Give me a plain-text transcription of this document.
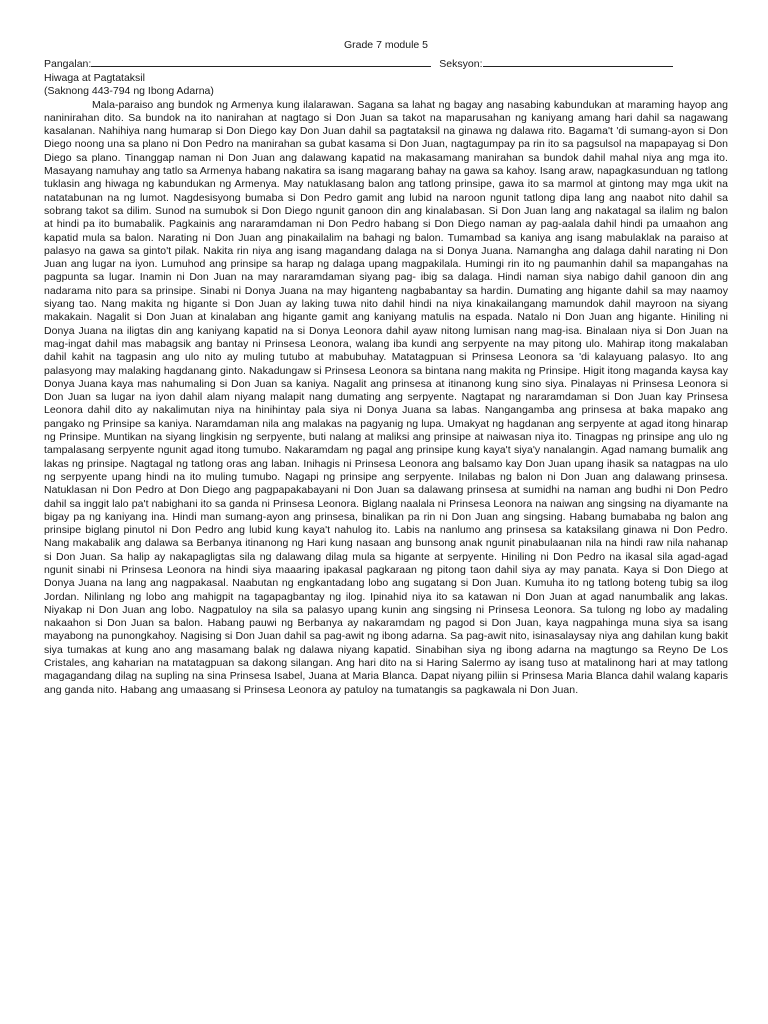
Grade 7 module 5
Pangalan:	Seksyon:
Hiwaga at Pagtataksil
(Saknong 443-794 ng Ibong Adarna)

Mala-paraiso ang bundok ng Armenya kung ilalarawan. Sagana sa lahat ng bagay ang nasabing kabundukan at maraming hayop ang naninirahan dito. Sa bundok na ito nanirahan at nagtago si Don Juan sa takot na maparusahan ng kaniyang amang hari dahil sa nagawang kasalanan. Nahihiya nang humarap si Don Diego kay Don Juan dahil sa pagtataksil na ginawa ng dalawa rito. Bagama't 'di sumang-ayon si Don Diego noong una sa plano ni Don Pedro na manirahan sa gubat kasama si Don Juan, nagtagumpay pa rin ito sa pagsulsol na mapapayag si Don Diego sa plano. Tinanggap naman ni Don Juan ang dalawang kapatid na makasamang manirahan sa bundok dahil mahal niya ang mga ito. Masayang namuhay ang tatlo sa Armenya habang nakatira sa isang magarang bahay na gawa sa kahoy. Isang araw, napagkasunduan ng tatlong tuklasin ang hiwaga ng kabundukan ng Armenya. May natuklasang balon ang tatlong prinsipe, gawa ito sa marmol at gintong may mga ukit na natatabunan na ng lumot. Nagdesisyong bumaba si Don Pedro gamit ang lubid na naroon ngunit tatlong dipa lang ang naabot nito dahil sa sobrang takot sa dilim. Sunod na sumubok si Don Diego ngunit ganoon din ang kinalabasan. Si Don Juan lang ang nakatagal sa ilalim ng balon at hindi pa ito bumabalik. Pagkainis ang nararamdaman ni Don Pedro habang si Don Diego naman ay pag-aalala dahil hindi pa umaahon ang kapatid mula sa balon. Narating ni Don Juan ang pinakailalim na bahagi ng balon. Tumambad sa kaniya ang isang mabulaklak na paraiso at palasyo na gawa sa ginto't pilak. Nakita rin niya ang isang magandang dalaga na si Donya Juana. Namangha ang dalaga dahil narating ni Don Juan ang lugar na iyon. Lumuhod ang prinsipe sa harap ng dalaga upang magpakilala. Humingi rin ito ng paumanhin dahil sa mapangahas na pagpunta sa lugar. Inamin ni Don Juan na may nararamdaman siyang pag- ibig sa dalaga. Hindi naman siya nabigo dahil ganoon din ang nadarama nito para sa prinsipe. Sinabi ni Donya Juana na may higanteng nagbabantay sa hardin. Dumating ang higante dahil sa may naamoy siyang tao. Nang makita ng higante si Don Juan ay laking tuwa nito dahil hindi na niya kinakailangang mamundok dahil mayroon na siyang makakain. Nagalit si Don Juan at kinalaban ang higante gamit ang kaniyang matulis na espada. Natalo ni Don Juan ang higante. Hiniling ni Donya Juana na iligtas din ang kaniyang kapatid na si Donya Leonora dahil ayaw nitong lumisan nang mag-isa. Binalaan niya si Don Juan na mag-ingat dahil mas mabagsik ang bantay ni Prinsesa Leonora, walang iba kundi ang serpyente na may pitong ulo. Mahirap itong makalaban dahil kahit na tagpasin ang ulo nito ay muling tutubo at mabubuhay. Matatagpuan si Prinsesa Leonora sa 'di kalayuang palasyo. Ito ang palasyong may malaking hagdanang ginto. Nakadungaw si Prinsesa Leonora sa bintana nang makita ng Prinsipe. Higit itong maganda kaysa kay Donya Juana kaya mas nahumaling si Don Juan sa kaniya. Nagalit ang prinsesa at itinanong kung sino siya. Pinalayas ni Prinsesa Leonora si Don Juan sa lugar na iyon dahil alam niyang malapit nang dumating ang serpyente. Nagtapat ng nararamdaman si Don Juan kay Prinsesa Leonora dahil dito ay nakalimutan niya na hinihintay pala siya ni Donya Juana sa labas. Nangangamba ang prinsesa at baka mapako ang pangako ng Prinsipe sa kaniya. Naramdaman nila ang malakas na pagyanig ng lupa. Umakyat ng hagdanan ang serpyente at agad itong hinarap ng Prinsipe. Muntikan na siyang lingkisin ng serpyente, buti nalang at maliksi ang prinsipe at naiwasan niya ito. Tinagpas ng prinsipe ang ulo ng tampalasang serpyente ngunit agad itong tumubo. Nakaramdam ng pagal ang prinsipe kung kaya't siya'y nanalangin. Agad namang bumalik ang lakas ng prinsipe. Nagtagal ng tatlong oras ang laban. Inihagis ni Prinsesa Leonora ang balsamo kay Don Juan upang ihasik sa natagpas na ulo ng serpyente upang hindi na ito muling tumubo. Nagapi ng prinsipe ang serpyente. Inilabas ng balon ni Don Juan ang dalawang prinsesa. Natuklasan ni Don Pedro at Don Diego ang pagpapakabayani ni Don Juan sa dalawang prinsesa at sumidhi na naman ang budhi ni Don Pedro dahil sa inggit lalo pa't nabighani ito sa ganda ni Prinsesa Leonora. Biglang naalala ni Prinsesa Leonora na naiwan ang singsing na diyamante na bigay pa ng kaniyang ina. Hindi man sumang-ayon ang prinsesa, binalikan pa rin ni Don Juan ang singsing. Habang bumababa ng balon ang prinsipe biglang pinutol ni Don Pedro ang lubid kung kaya't nahulog ito. Labis na nanlumo ang prinsesa sa kataksilang ginawa ni Don Pedro. Nang makabalik ang dalawa sa Berbanya itinanong ng Hari kung nasaan ang bunsong anak ngunit pinabulaanan nila na hindi raw nila nahanap si Don Juan. Sa halip ay nakapagligtas sila ng dalawang dilag mula sa higante at serpyente. Hiniling ni Don Pedro na ikasal sila agad-agad ngunit sinabi ni Prinsesa Leonora na hindi siya maaaring ipakasal pagkaraan ng pitong taon dahil siya ay may panata. Kaya si Don Diego at Donya Juana na lang ang nagpakasal. Naabutan ng engkantadang lobo ang sugatang si Don Juan. Kumuha ito ng tatlong boteng tubig sa ilog Jordan. Nilinlang ng lobo ang mahigpit na tagapagbantay ng ilog. Ipinahid niya ito sa katawan ni Don Juan at agad nanumbalik ang lakas. Niyakap ni Don Juan ang lobo. Nagpatuloy na sila sa palasyo upang kunin ang singsing ni Prinsesa Leonora. Sa tulong ng lobo ay madaling nakaahon si Don Juan sa balon. Habang pauwi ng Berbanya ay nakaramdam ng pagod si Don Juan, kaya nagpahinga muna siya sa isang mayabong na punongkahoy. Nagising si Don Juan dahil sa pag-awit ng ibong adarna. Sa pag-awit nito, isinasalaysay niya ang dahilan kung bakit siya tumakas at kung ano ang masamang balak ng dalawa niyang kapatid. Sinabihan siya ng ibong adarna na magtungo sa Reyno De Los Cristales, ang kaharian na matatagpuan sa dakong silangan. Ang hari dito na si Haring Salermo ay isang tuso at matalinong hari at may tatlong magagandang dilag na supling na sina Prinsesa Isabel, Juana at Maria Blanca. Dapat niyang piliin si Prinsesa Maria Blanca dahil walang kaparis ang ganda nito. Habang ang umaasang si Prinsesa Leonora ay patuloy na tumatangis sa pagkawala ni Don Juan.
